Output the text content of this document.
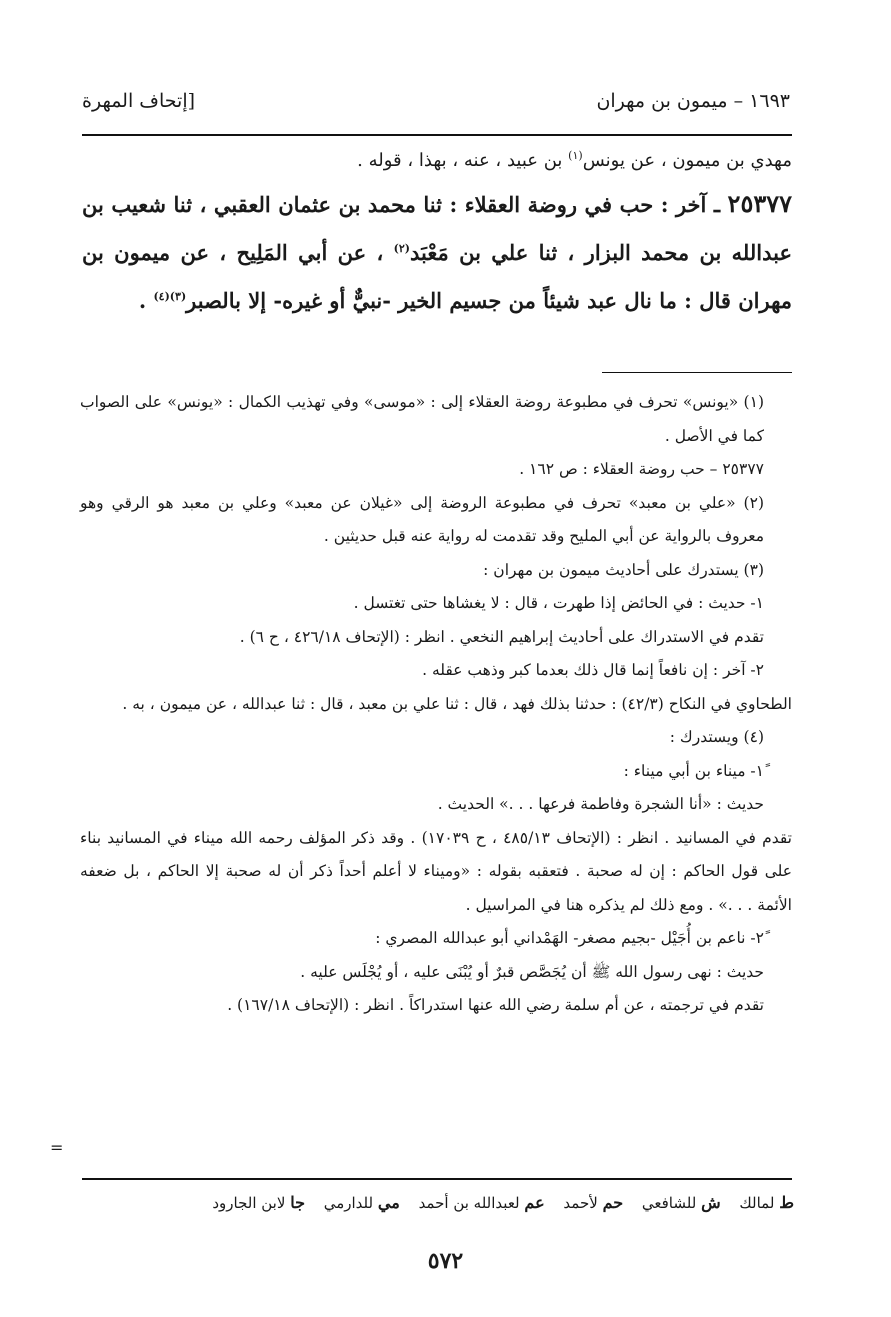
١٦٩٣ – ميمون بن مهران
[إتحاف المهرة
مهدي بن ميمون ، عن يونس$^{(١)}$ بن عبيد ، عنه ، بهذا ، قوله .
٢٥٣٧٧ ـ آخر : حب في روضة العقلاء : ثنا محمد بن عثمان العقبي ، ثنا شعيب بن عبدالله بن محمد البزار ، ثنا علي بن مَعْبَد$^{(٢)}$ ، عن أبي المَلِيح ، عن ميمون بن مهران قال : ما نال عبد شيئاً من جسيم الخير -نبيٌّ أو غيره- إلا بالصبر$^{(٣)(٤)}$ .

(١) «يونس» تحرف في مطبوعة روضة العقلاء إلى : «موسى» وفي تهذيب الكمال : «يونس» على الصواب كما في الأصل .

٢٥٣٧٧ – حب روضة العقلاء : ص ١٦٢ .

(٢) «علي بن معبد» تحرف في مطبوعة الروضة إلى «غيلان عن معبد» وعلي بن معبد هو الرقي وهو معروف بالرواية عن أبي المليح وقد تقدمت له رواية عنه قبل حديثين .

(٣) يستدرك على أحاديث ميمون بن مهران :

١- حديث : في الحائض إذا طهرت ، قال : لا يغشاها حتى تغتسل .

تقدم في الاستدراك على أحاديث إبراهيم النخعي . انظر : (الإتحاف ٤٢٦/١٨ ، ح ٦) .

٢- آخر : إن نافعاً إنما قال ذلك بعدما كبر وذهب عقله .

الطحاوي في النكاح (٤٢/٣) : حدثنا بذلك فهد ، قال : ثنا علي بن معبد ، قال : ثنا عبدالله ، عن ميمون ، به .

(٤) ويستدرك :

١ً- ميناء بن أبي ميناء :

حديث : «أنا الشجرة وفاطمة فرعها . . .» الحديث .

تقدم في المسانيد . انظر : (الإتحاف ٤٨٥/١٣ ، ح ١٧٠٣٩) . وقد ذكر المؤلف رحمه الله ميناء في المسانيد بناء على قول الحاكم : إن له صحبة . فتعقبه بقوله : «وميناء لا أعلم أحداً ذكر أن له صحبة إلا الحاكم ، بل ضعفه الأئمة . . .» . ومع ذلك لم يذكره هنا في المراسيل .

٢ً- ناعم بن أُجَيْل -بجيم مصغر- الهَمْداني أبو عبدالله المصري :

حديث : نهى رسول الله ﷺ أن يُجَصَّص قبرٌ أو يُبْنَى عليه ، أو يُجْلَس عليه .

تقدم في ترجمته ، عن أم سلمة رضي الله عنها استدراكاً . انظر : (الإتحاف ١٦٧/١٨) .

=
ط لمالك ش للشافعي حم لأحمد عم لعبدالله بن أحمد مي للدارمي جا لابن الجارود
٥٧٢
